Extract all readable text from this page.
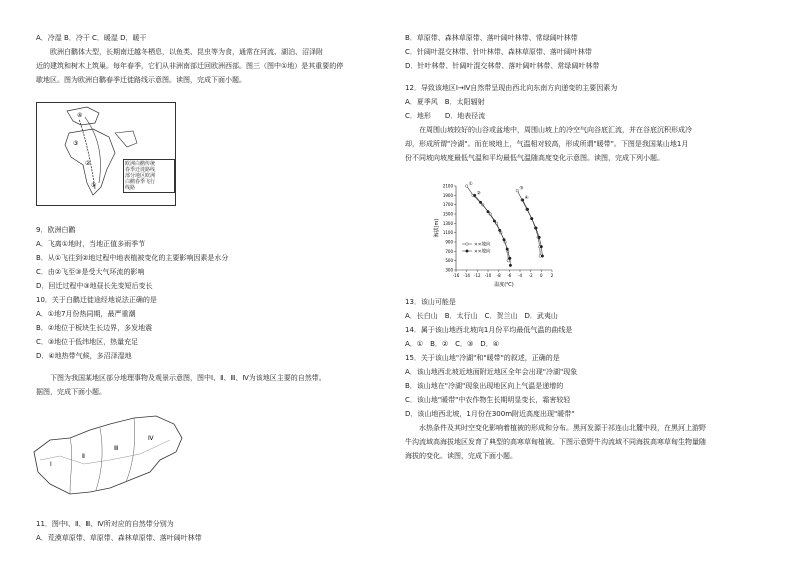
A．冷湿 B．冷干 C．暖湿 D．暖干
　　欧洲白鹳体大型，长期南迁越冬栖息，以鱼类、昆虫等为食，通常在河流、湖泊、沼泽附
近的建筑和树木上筑巢。每年春季，它们从非洲南部迁回欧洲西部。图三（图中①地）是其重要的停
歇地区。图为欧洲白鹳春季迁徙路线示意图。读图，完成下面小题。
9．欧洲白鹳
A．飞离①地时，当地正值多雨季节
B．从①飞往到②地过程中地表植被变化的主要影响因素是水分
C．由②飞至③是受大气环流的影响
D．回迁过程中③地昼长先变短后变长
10．关于白鹳迁徙途经地说法正确的是
A．①地7月份热同期，最严重潮
B．②地位于板块生长边界，多发地震
C．③地位于低纬地区，热量充足
D．④地热带气候，多沼泽湿地
　　下图为我国某地区部分地理事物及观景示意图，图中Ⅰ、Ⅱ、Ⅲ、Ⅳ为该地区主要的自然带。
据图，完成下面小题。
11．图中Ⅰ、Ⅱ、Ⅲ、Ⅳ所对应的自然带分别为
A．荒漠草原带、草原带、森林草原带、落叶阔叶林带
B．草原带、森林草原带、落叶阔叶林带、常绿阔叶林带
C．针阔叶混交林带、针叶林带、森林草原带、落叶阔叶林带
D．针叶林带、针阔叶混交林带、落叶阔叶林带、常绿阔叶林带
12．导致该地区Ⅰ→Ⅳ自然带呈现由西北向东南方向递变的主要因素为
A．夏季风　B．太阳辐射
C．地形　　D．地表径流
　　在周围山坡较好的山谷或盆地中，周围山坡上的冷空气向谷底汇流，并在谷底沉积形成冷
却，形成所谓"冷湖"。而在坡地上，气温相对较高，形成所谓"暖带"。下图是我国某山地1月
份不同坡向坡度最低气温和平均最低气温随高度变化示意图。读图，完成下列小题。
13．该山可能是
A．长白山　B．太行山　C．贺兰山　D．武夷山
14．属于该山地西北坡向1月份平均最低气温的曲线是
A．①　B．②　C．③　D．④
15．关于该山地"冷湖"和"暖带"的叙述，正确的是
A．该山地西北坡近地面附近地区全年会出现"冷湖"现象
B．该山地在"冷湖"现象出现地区向上气温是递增的
C．该山地"暖带"中农作物生长期明显变长，霜害较轻
D．该山地西北坡，1月份在300m附近高度出现"暖带"
　　水热条件及其时空变化影响着植被的形成和分布。黑河发源于祁连山北麓中段，在黑河上游野
牛沟流域高海拔地区发育了典型的高寒草甸植被。下图示意野牛沟流域不同海拔高寒草甸生物量随
海拔的变化。读图，完成下面小题。
④
③
②
①
欧洲白鹳传统
春季迁徙路线
部分地区欧洲
白鹳春季飞行
线路
Ⅰ
Ⅱ
Ⅲ
Ⅳ
-16 -14 -12 -10 -8 -6 -4 -2 0 2
300
500
700
900
1100
1300
1500
1700
1900
2100	①
②
③
④
温度(℃)
海拔(m)
××坡向
××坡向
